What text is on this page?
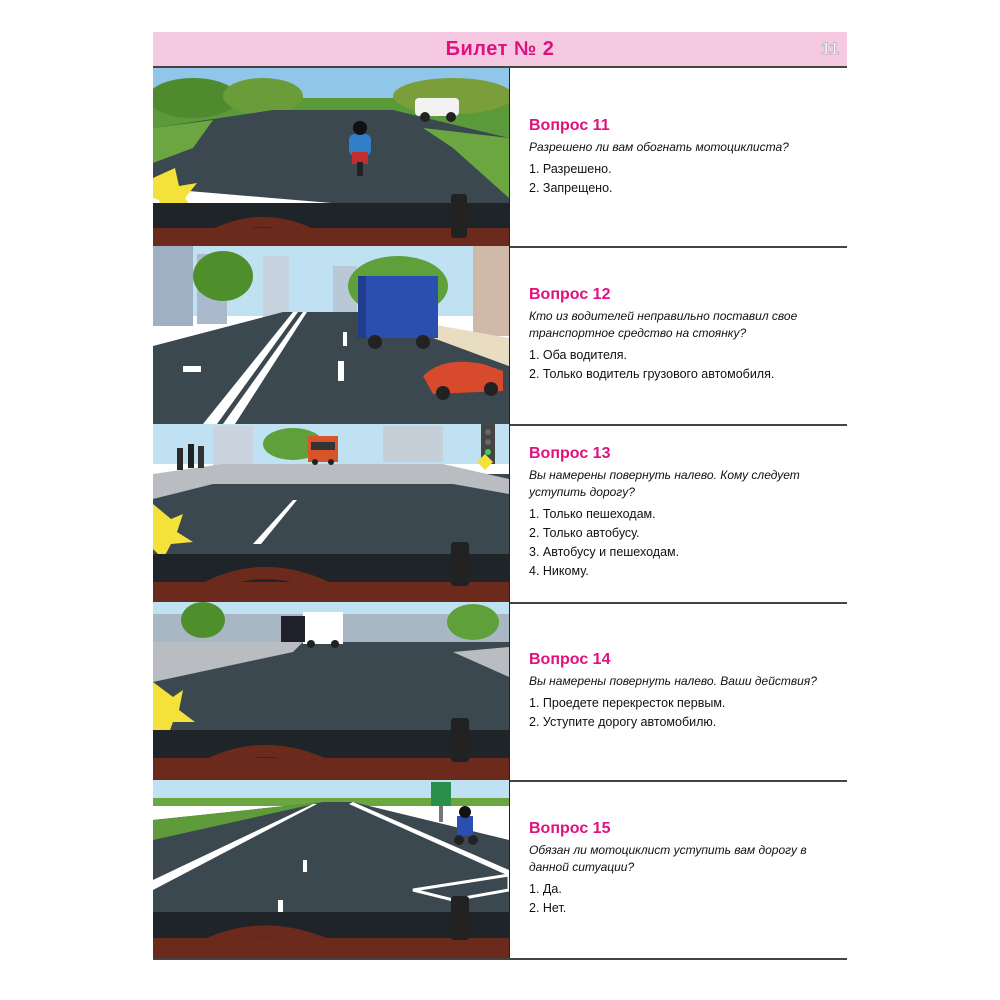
Билет № 2	11
Вопрос 11
Разрешено ли вам обогнать мотоциклиста?
1. Разрешено.
2. Запрещено.
Вопрос 12
Кто из водителей неправильно поставил свое транспортное средство на стоянку?
1. Оба водителя.
2. Только водитель грузового автомобиля.
Вопрос 13
Вы намерены повернуть налево. Кому следует уступить дорогу?
1. Только пешеходам.
2. Только автобусу.
3. Автобусу и пешеходам.
4. Никому.
Вопрос 14
Вы намерены повернуть налево. Ваши действия?
1. Проедете перекресток первым.
2. Уступите дорогу автомобилю.
Вопрос 15
Обязан ли мотоциклист уступить вам дорогу в данной ситуации?
1. Да.
2. Нет.
